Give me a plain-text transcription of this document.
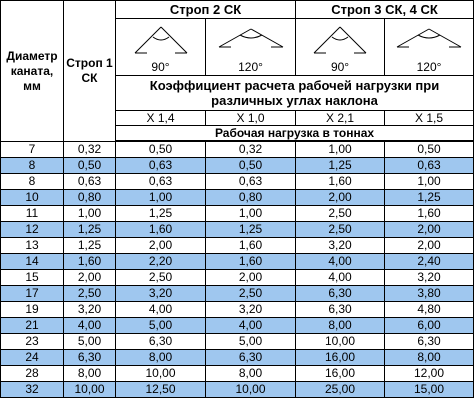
Диаметр каната, мм	Строп 1 СК	Строп 2 СК		Строп 3 СК, 4 СК	

		90°	120°	90°	120°

		Коэффициент расчета рабочей нагрузки при различных углах наклона			
		Х 1,4	Х 1,0	Х 2,1	Х 1,5
		Рабочая нагрузка в тоннах			

7	0,32	0,50	0,32	1,00	0,50
8	0,50	0,63	0,50	1,25	0,63
8	0,63	0,63	0,63	1,60	1,00
10	0,80	1,00	0,80	2,00	1,25
11	1,00	1,25	1,00	2,50	1,60
12	1,25	1,60	1,25	2,50	2,00
13	1,25	2,00	1,60	3,20	2,00
14	1,60	2,20	1,60	4,00	2,40
15	2,00	2,50	2,00	4,00	3,20
17	2,50	3,20	2,50	6,30	3,80
19	3,20	4,00	3,20	6,30	4,80
21	4,00	5,00	4,00	8,00	6,00
23	5,00	6,30	5,00	10,00	6,30
24	6,30	8,00	6,30	16,00	8,00
28	8,00	10,00	8,00	16,00	12,00
32	10,00	12,50	10,00	25,00	15,00
